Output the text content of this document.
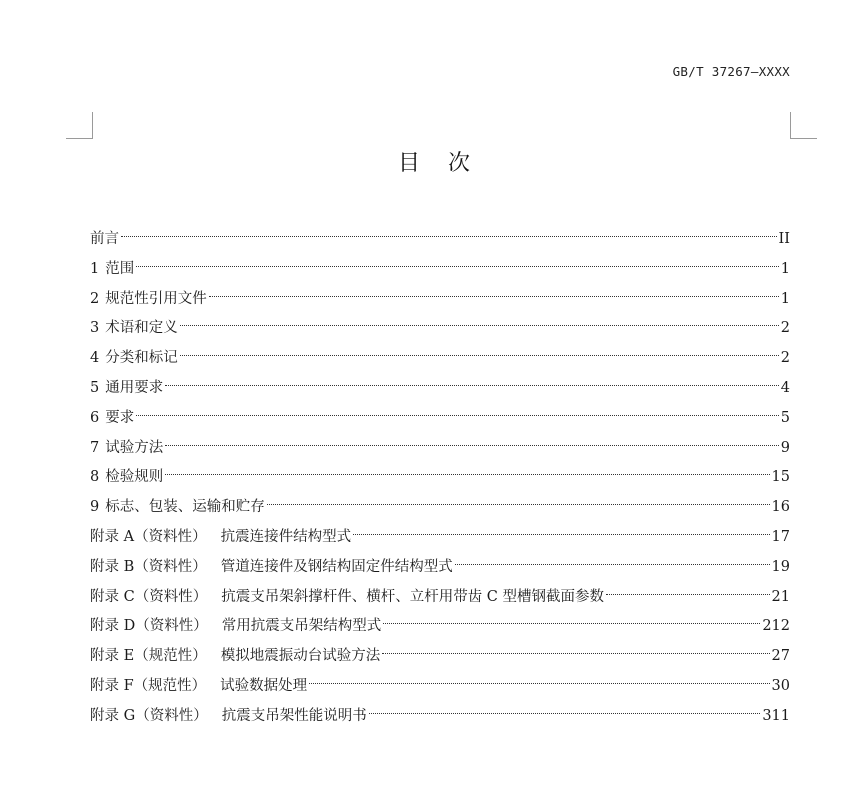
GB/T 37267—XXXX
目次
前言	II
1 范围	1
2 规范性引用文件	1
3 术语和定义	2
4 分类和标记	2
5 通用要求	4
6 要求	5
7 试验方法	9
8 检验规则	15
9 标志、包装、运输和贮存	16
附录 A（资料性） 抗震连接件结构型式	17
附录 B（资料性） 管道连接件及钢结构固定件结构型式	19
附录 C（资料性） 抗震支吊架斜撑杆件、横杆、立杆用带齿 C 型槽钢截面参数	21
附录 D（资料性） 常用抗震支吊架结构型式	212
附录 E（规范性） 模拟地震振动台试验方法	27
附录 F（规范性） 试验数据处理	30
附录 G（资料性） 抗震支吊架性能说明书	311
